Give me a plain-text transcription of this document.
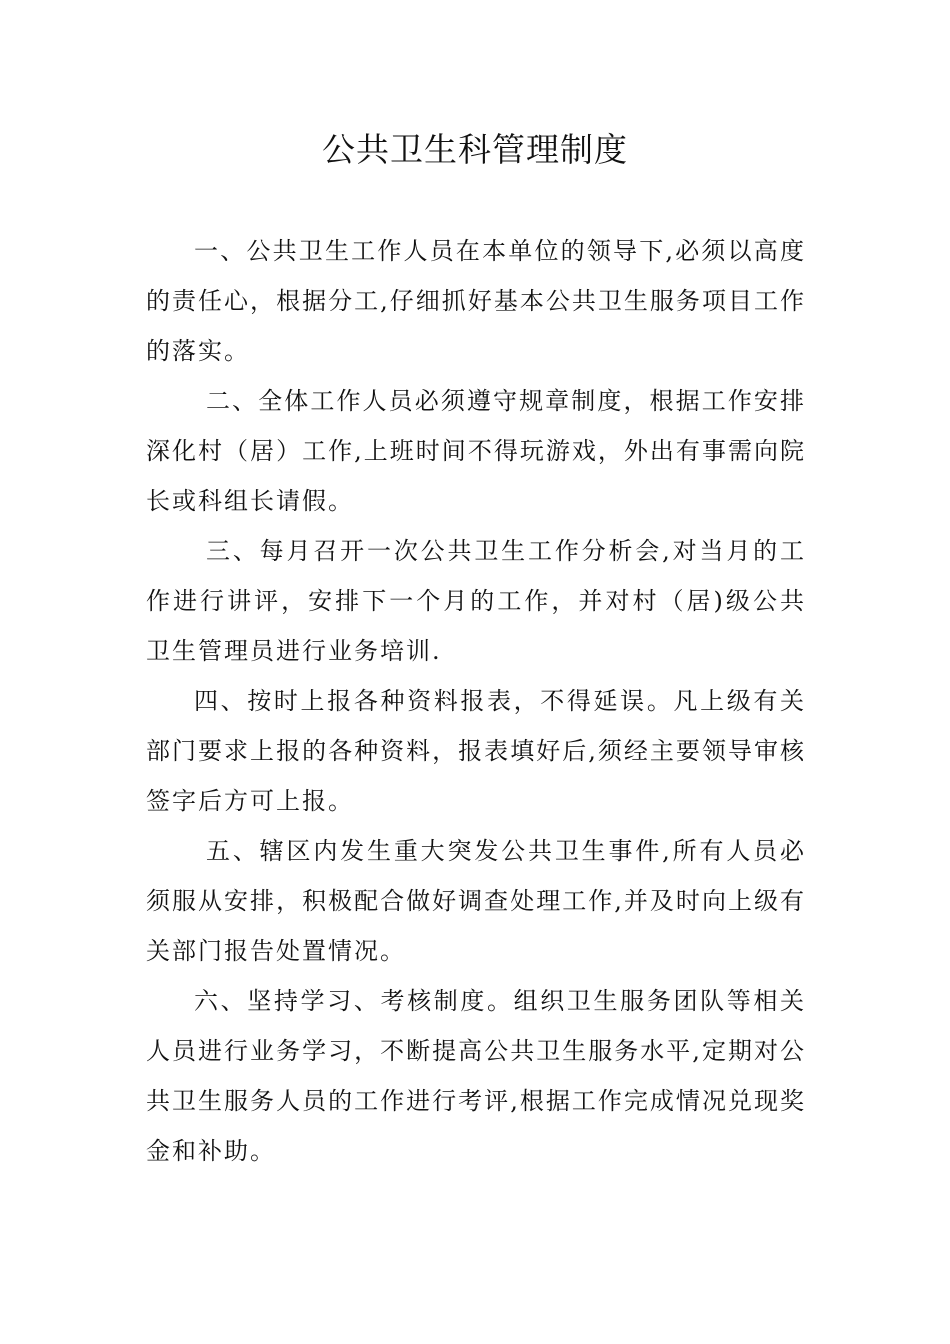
公共卫生科管理制度

一、公共卫生工作人员在本单位的领导下,必须以高度的责任心，根据分工,仔细抓好基本公共卫生服务项目工作的落实。

二、全体工作人员必须遵守规章制度，根据工作安排深化村（居）工作,上班时间不得玩游戏，外出有事需向院长或科组长请假。

三、每月召开一次公共卫生工作分析会,对当月的工作进行讲评，安排下一个月的工作，并对村（居)级公共卫生管理员进行业务培训.

四、按时上报各种资料报表，不得延误。凡上级有关部门要求上报的各种资料，报表填好后,须经主要领导审核签字后方可上报。

五、辖区内发生重大突发公共卫生事件,所有人员必须服从安排，积极配合做好调查处理工作,并及时向上级有关部门报告处置情况。

六、坚持学习、考核制度。组织卫生服务团队等相关人员进行业务学习，不断提高公共卫生服务水平,定期对公共卫生服务人员的工作进行考评,根据工作完成情况兑现奖金和补助。
